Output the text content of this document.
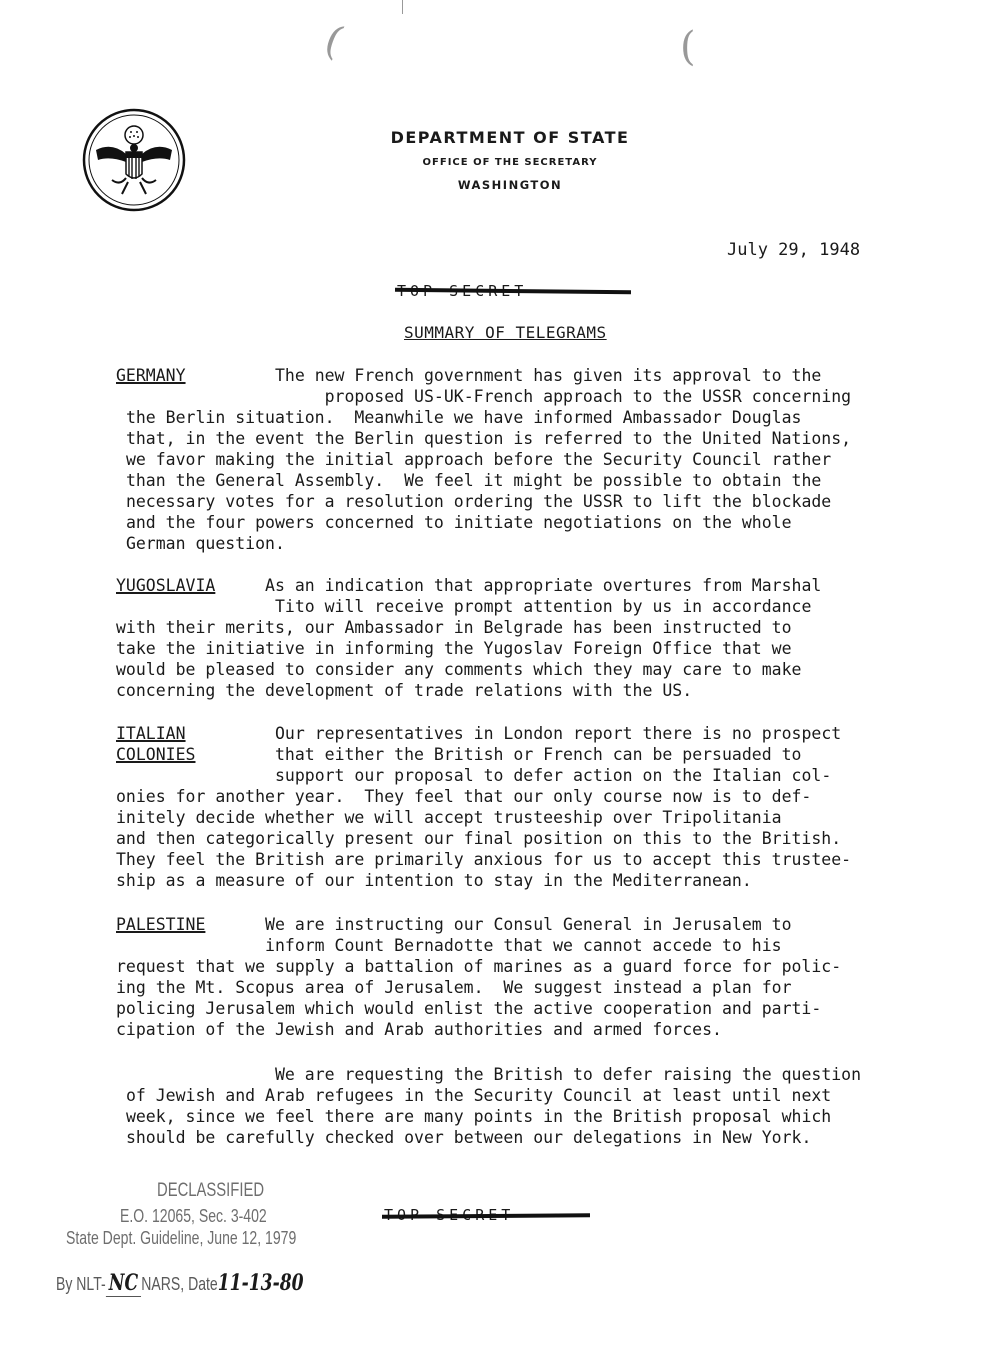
(	(
DEPARTMENT OF STATE
OFFICE OF THE SECRETARY
WASHINGTON
July 29, 1948
SUMMARY OF TELEGRAMS
GERMANY	The new French government has given its approval to the
proposed US-UK-French approach to the USSR concerning
the Berlin situation.  Meanwhile we have informed Ambassador Douglas
that, in the event the Berlin question is referred to the United Nations,
we favor making the initial approach before the Security Council rather
than the General Assembly.  We feel it might be possible to obtain the
necessary votes for a resolution ordering the USSR to lift the blockade
and the four powers concerned to initiate negotiations on the whole
German question.
YUGOSLAVIA	As an indication that appropriate overtures from Marshal
Tito will receive prompt attention by us in accordance
with their merits, our Ambassador in Belgrade has been instructed to
take the initiative in informing the Yugoslav Foreign Office that we
would be pleased to consider any comments which they may care to make
concerning the development of trade relations with the US.
ITALIAN	Our representatives in London report there is no prospect
COLONIES	that either the British or French can be persuaded to
support our proposal to defer action on the Italian col-
onies for another year.  They feel that our only course now is to def-
initely decide whether we will accept trusteeship over Tripolitania
and then categorically present our final position on this to the British.
They feel the British are primarily anxious for us to accept this trustee-
ship as a measure of our intention to stay in the Mediterranean.
PALESTINE	We are instructing our Consul General in Jerusalem to
inform Count Bernadotte that we cannot accede to his
request that we supply a battalion of marines as a guard force for polic-
ing the Mt. Scopus area of Jerusalem.  We suggest instead a plan for
policing Jerusalem which would enlist the active cooperation and parti-
cipation of the Jewish and Arab authorities and armed forces.
We are requesting the British to defer raising the question
of Jewish and Arab refugees in the Security Council at least until next
week, since we feel there are many points in the British proposal which
should be carefully checked over between our delegations in New York.
DECLASSIFIED
E.O. 12065, Sec. 3-402
State Dept. Guideline, June 12, 1979
By NLT- NC NARS, Date11-13-80
